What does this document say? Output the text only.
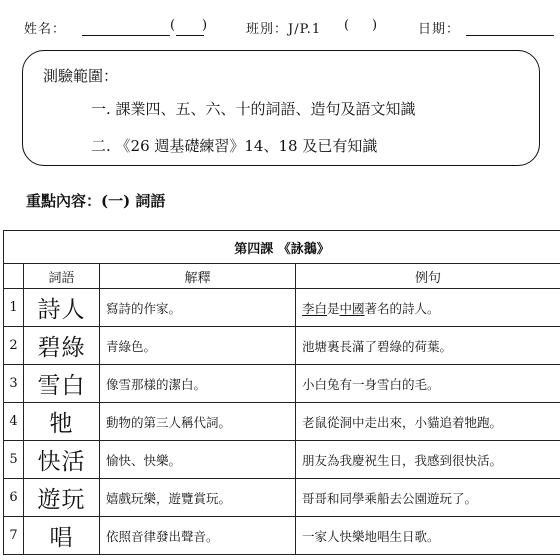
姓名：	( )	班別：J/P.1 ( )	日期：
測驗範圍：
一. 課業四、五、六、十的詞語、造句及語文知識
二. 《26 週基礎練習》14、18 及已有知識
重點內容：(一) 詞語
第四課 《詠鵝》			
	詞語	解釋	例句
1	詩人	寫詩的作家。	李白是中國著名的詩人。
2	碧綠	青綠色。	池塘裏長滿了碧綠的荷葉。
3	雪白	像雪那樣的潔白。	小白兔有一身雪白的毛。
4	牠	動物的第三人稱代詞。	老鼠從洞中走出來，小貓追着牠跑。
5	快活	愉快、快樂。	朋友為我慶祝生日，我感到很快活。
6	遊玩	嬉戲玩樂，遊覽賞玩。	哥哥和同學乘船去公園遊玩了。
7	唱	依照音律發出聲音。	一家人快樂地唱生日歌。
